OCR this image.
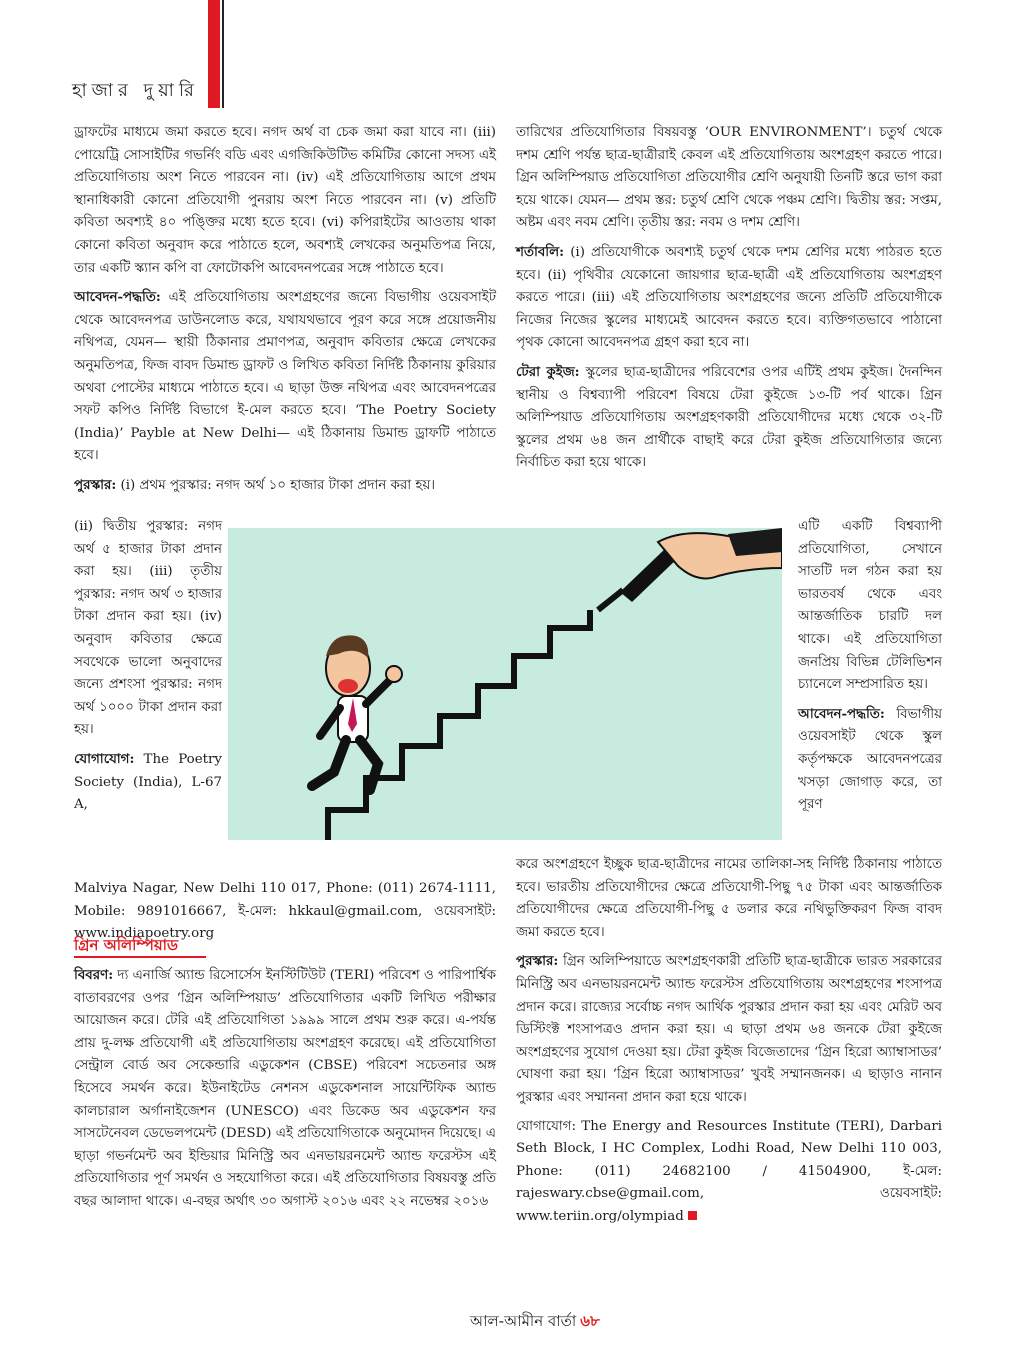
হাজার দুয়ারি

ড্রাফটের মাধ্যমে জমা করতে হবে। নগদ অর্থ বা চেক জমা করা যাবে না। (iii) পোয়েট্রি সোসাইটির গভর্নিং বডি এবং এগজিকিউটিভ কমিটির কোনো সদস্য এই প্রতিযোগিতায় অংশ নিতে পারবেন না। (iv) এই প্রতিযোগিতায় আগে প্রথম স্থানাধিকারী কোনো প্রতিযোগী পুনরায় অংশ নিতে পারবেন না। (v) প্রতিটি কবিতা অবশ্যই ৪০ পঙ্ক্তির মধ্যে হতে হবে। (vi) কপিরাইটের আওতায় থাকা কোনো কবিতা অনুবাদ করে পাঠাতে হলে, অবশ্যই লেখকের অনুমতিপত্র নিয়ে, তার একটি স্ক্যান কপি বা ফোটোকপি আবেদনপত্রের সঙ্গে পাঠাতে হবে।

আবেদন-পদ্ধতি: এই প্রতিযোগিতায় অংশগ্রহণের জন্যে বিভাগীয় ওয়েবসাইট থেকে আবেদনপত্র ডাউনলোড করে, যথাযথভাবে পূরণ করে সঙ্গে প্রয়োজনীয় নথিপত্র, যেমন— স্থায়ী ঠিকানার প্রমাণপত্র, অনুবাদ কবিতার ক্ষেত্রে লেখকের অনুমতিপত্র, ফিজ বাবদ ডিমান্ড ড্রাফট ও লিখিত কবিতা নির্দিষ্ট ঠিকানায় কুরিয়ার অথবা পোস্টের মাধ্যমে পাঠাতে হবে। এ ছাড়া উক্ত নথিপত্র এবং আবেদনপত্রের সফট কপিও নির্দিষ্ট বিভাগে ই-মেল করতে হবে। ‘The Poetry Society (India)’ Payble at New Delhi— এই ঠিকানায় ডিমান্ড ড্রাফটি পাঠাতে হবে।

পুরস্কার: (i) প্রথম পুরস্কার: নগদ অর্থ ১০ হাজার টাকা প্রদান করা হয়।

(ii) দ্বিতীয় পুরস্কার: নগদ অর্থ ৫ হাজার টাকা প্রদান করা হয়। (iii) তৃতীয় পুরস্কার: নগদ অর্থ ৩ হাজার টাকা প্রদান করা হয়। (iv) অনুবাদ কবিতার ক্ষেত্রে সবথেকে ভালো অনুবাদের জন্যে প্রশংসা পুরস্কার: নগদ অর্থ ১০০০ টাকা প্রদান করা হয়।
যোগাযোগ: The Poetry Society (India), L-67 A,
Malviya Nagar, New Delhi 110 017, Phone: (011) 2674-1111, Mobile: 9891016667, ই-মেল: hkkaul@gmail.com, ওয়েবসাইট: www.indiapoetry.org
গ্রিন অলিম্পিয়াড
বিবরণ: দ্য এনার্জি অ্যান্ড রিসোর্সেস ইনস্টিটিউট (TERI) পরিবেশ ও পারিপার্শ্বিক বাতাবরণের ওপর ‘গ্রিন অলিম্পিয়াড’ প্রতিযোগিতার একটি লিখিত পরীক্ষার আয়োজন করে। টেরি এই প্রতিযোগিতা ১৯৯৯ সালে প্রথম শুরু করে। এ-পর্যন্ত প্রায় দু-লক্ষ প্রতিযোগী এই প্রতিযোগিতায় অংশগ্রহণ করেছে। এই প্রতিযোগিতা সেন্ট্রাল বোর্ড অব সেকেন্ডারি এডুকেশন (CBSE) পরিবেশ সচেতনার অঙ্গ হিসেবে সমর্থন করে। ইউনাইটেড নেশনস এডুকেশনাল সায়েন্টিফিক অ্যান্ড কালচারাল অর্গানাইজেশন (UNESCO) এবং ডিকেড অব এডুকেশন ফর সাসটেনেবল ডেভেলপমেন্ট (DESD) এই প্রতিযোগিতাকে অনুমোদন দিয়েছে। এ ছাড়া গভর্নমেন্ট অব ইন্ডিয়ার মিনিস্ট্রি অব এনভায়রনমেন্ট অ্যান্ড ফরেস্টস এই প্রতিযোগিতার পূর্ণ সমর্থন ও সহযোগিতা করে। এই প্রতিযোগিতার বিষয়বস্তু প্রতি বছর আলাদা থাকে। এ-বছর অর্থাৎ ৩০ অগাস্ট ২০১৬ এবং ২২ নভেম্বর ২০১৬

তারিখের প্রতিযোগিতার বিষয়বস্তু ‘OUR ENVIRONMENT’। চতুর্থ থেকে দশম শ্রেণি পর্যন্ত ছাত্র-ছাত্রীরাই কেবল এই প্রতিযোগিতায় অংশগ্রহণ করতে পারে। গ্রিন অলিম্পিয়াড প্রতিযোগিতা প্রতিযোগীর শ্রেণি অনুযায়ী তিনটি স্তরে ভাগ করা হয়ে থাকে। যেমন— প্রথম স্তর: চতুর্থ শ্রেণি থেকে পঞ্চম শ্রেণি। দ্বিতীয় স্তর: সপ্তম, অষ্টম এবং নবম শ্রেণি। তৃতীয় স্তর: নবম ও দশম শ্রেণি।

শর্তাবলি: (i) প্রতিযোগীকে অবশ্যই চতুর্থ থেকে দশম শ্রেণির মধ্যে পাঠরত হতে হবে। (ii) পৃথিবীর যেকোনো জায়গার ছাত্র-ছাত্রী এই প্রতিযোগিতায় অংশগ্রহণ করতে পারে। (iii) এই প্রতিযোগিতায় অংশগ্রহণের জন্যে প্রতিটি প্রতিযোগীকে নিজের নিজের স্কুলের মাধ্যমেই আবেদন করতে হবে। ব্যক্তিগতভাবে পাঠানো পৃথক কোনো আবেদনপত্র গ্রহণ করা হবে না।

টেরা কুইজ: স্কুলের ছাত্র-ছাত্রীদের পরিবেশের ওপর এটিই প্রথম কুইজ। দৈনন্দিন স্থানীয় ও বিশ্বব্যাপী পরিবেশ বিষয়ে টেরা কুইজে ১৩-টি পর্ব থাকে। গ্রিন অলিম্পিয়াড প্রতিযোগিতায় অংশগ্রহণকারী প্রতিযোগীদের মধ্যে থেকে ৩২-টি স্কুলের প্রথম ৬৪ জন প্রার্থীকে বাছাই করে টেরা কুইজ প্রতিযোগিতার জন্যে নির্বাচিত করা হয়ে থাকে।

এটি একটি বিশ্বব্যাপী প্রতিযোগিতা, সেখানে সাতটি দল গঠন করা হয় ভারতবর্ষ থেকে এবং আন্তর্জাতিক চারটি দল থাকে। এই প্রতিযোগিতা জনপ্রিয় বিভিন্ন টেলিভিশন চ্যানেলে সম্প্রসারিত হয়।
আবেদন-পদ্ধতি: বিভাগীয় ওয়েবসাইট থেকে স্কুল কর্তৃপক্ষকে আবেদনপত্রের খসড়া জোগাড় করে, তা পূরণ

করে অংশগ্রহণে ইচ্ছুক ছাত্র-ছাত্রীদের নামের তালিকা-সহ নির্দিষ্ট ঠিকানায় পাঠাতে হবে। ভারতীয় প্রতিযোগীদের ক্ষেত্রে প্রতিযোগী-পিছু ৭৫ টাকা এবং আন্তর্জাতিক প্রতিযোগীদের ক্ষেত্রে প্রতিযোগী-পিছু ৫ ডলার করে নথিভুক্তিকরণ ফিজ বাবদ জমা করতে হবে।

পুরস্কার: গ্রিন অলিম্পিয়াডে অংশগ্রহণকারী প্রতিটি ছাত্র-ছাত্রীকে ভারত সরকারের মিনিস্ট্রি অব এনভায়রনমেন্ট অ্যান্ড ফরেস্টস প্রতিযোগিতায় অংশগ্রহণের শংসাপত্র প্রদান করে। রাজ্যের সর্বোচ্চ নগদ আর্থিক পুরস্কার প্রদান করা হয় এবং মেরিট অব ডিস্টিংক্ট শংসাপত্রও প্রদান করা হয়। এ ছাড়া প্রথম ৬৪ জনকে টেরা কুইজে অংশগ্রহণের সুযোগ দেওয়া হয়। টেরা কুইজ বিজেতাদের ‘গ্রিন হিরো অ্যাম্বাসাডর’ ঘোষণা করা হয়। ‘গ্রিন হিরো অ্যাম্বাসাডর’ খুবই সম্মানজনক। এ ছাড়াও নানান পুরস্কার এবং সম্মাননা প্রদান করা হয়ে থাকে।

যোগাযোগ: The Energy and Resources Institute (TERI), Darbari Seth Block, I HC Complex, Lodhi Road, New Delhi 110 003, Phone: (011) 24682100 / 41504900, ই-মেল: rajeswary.cbse@gmail.com, ওয়েবসাইট: www.teriin.org/olympiad

আল-আমীন বার্তা ৬৮
